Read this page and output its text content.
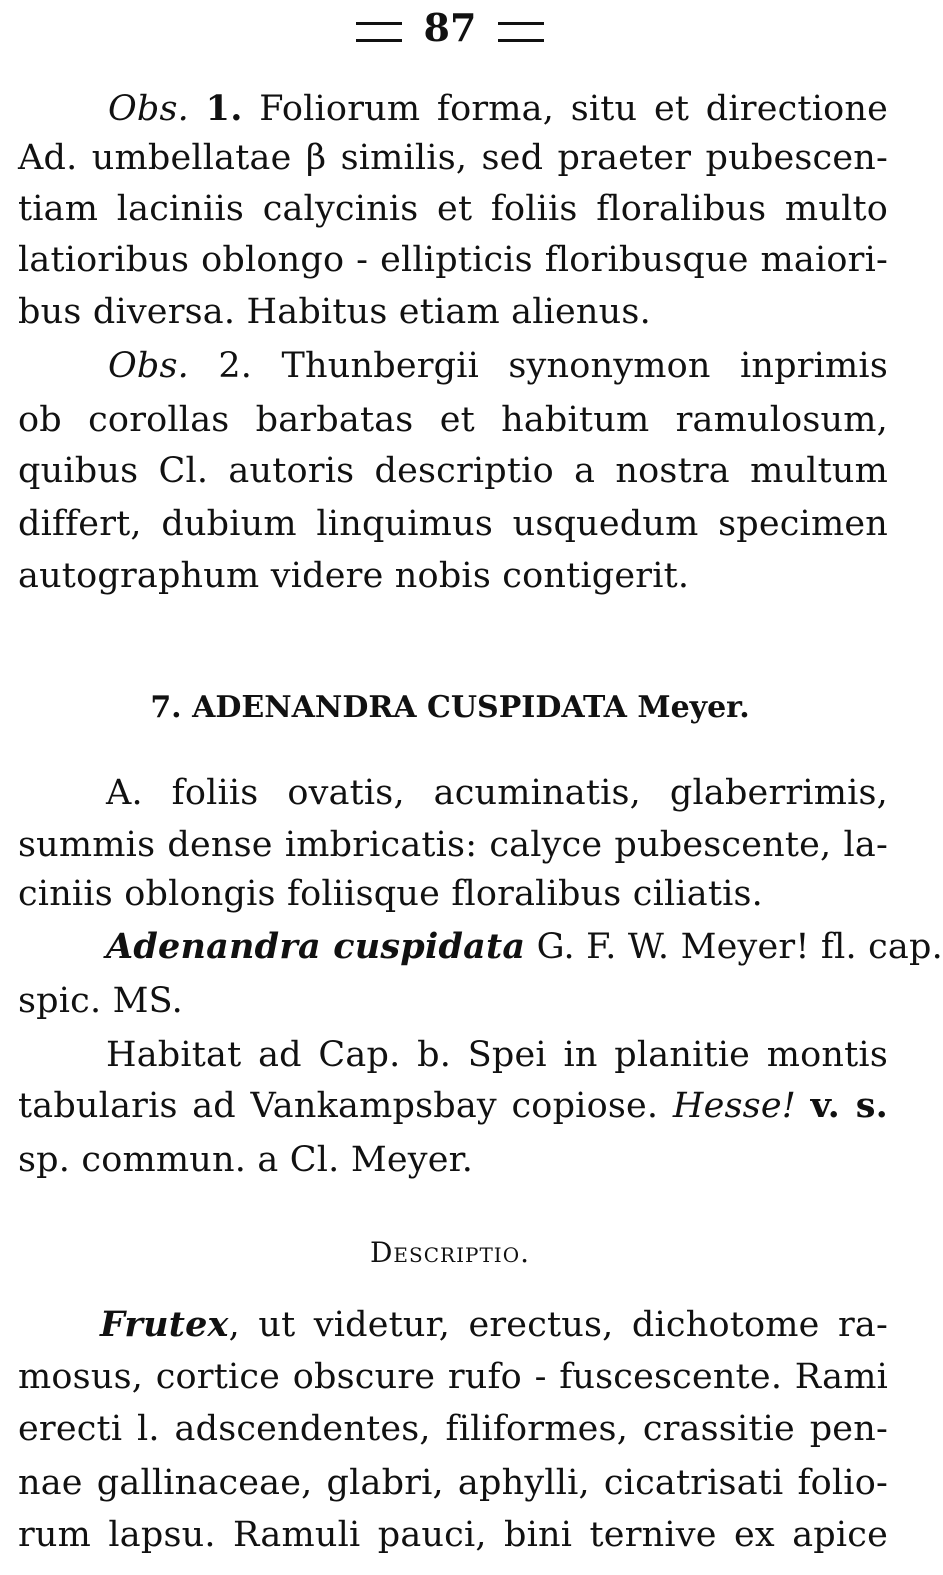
87
Obs. 1. Foliorum forma, situ et directione
Ad. umbellatae β similis, sed praeter pubescen-
tiam laciniis calycinis et foliis floralibus multo
latioribus oblongo - ellipticis floribusque maiori-
bus diversa. Habitus etiam alienus.
Obs. 2. Thunbergii synonymon inprimis
ob corollas barbatas et habitum ramulosum,
quibus Cl. autoris descriptio a nostra multum
differt, dubium linquimus usquedum specimen
autographum videre nobis contigerit.
7. ADENANDRA CUSPIDATA Meyer.
A. foliis ovatis, acuminatis, glaberrimis,
summis dense imbricatis: calyce pubescente, la-
ciniis oblongis foliisque floralibus ciliatis.
Adenandra cuspidata G. F. W. Meyer! fl. cap.
spic. MS.
Habitat ad Cap. b. Spei in planitie montis
tabularis ad Vankampsbay copiose. Hesse! v. s.
sp. commun. a Cl. Meyer.
Descriptio.
Frutex, ut videtur, erectus, dichotome ra-
mosus, cortice obscure rufo - fuscescente. Rami
erecti l. adscendentes, filiformes, crassitie pen-
nae gallinaceae, glabri, aphylli, cicatrisati folio-
rum lapsu. Ramuli pauci, bini ternive ex apice
